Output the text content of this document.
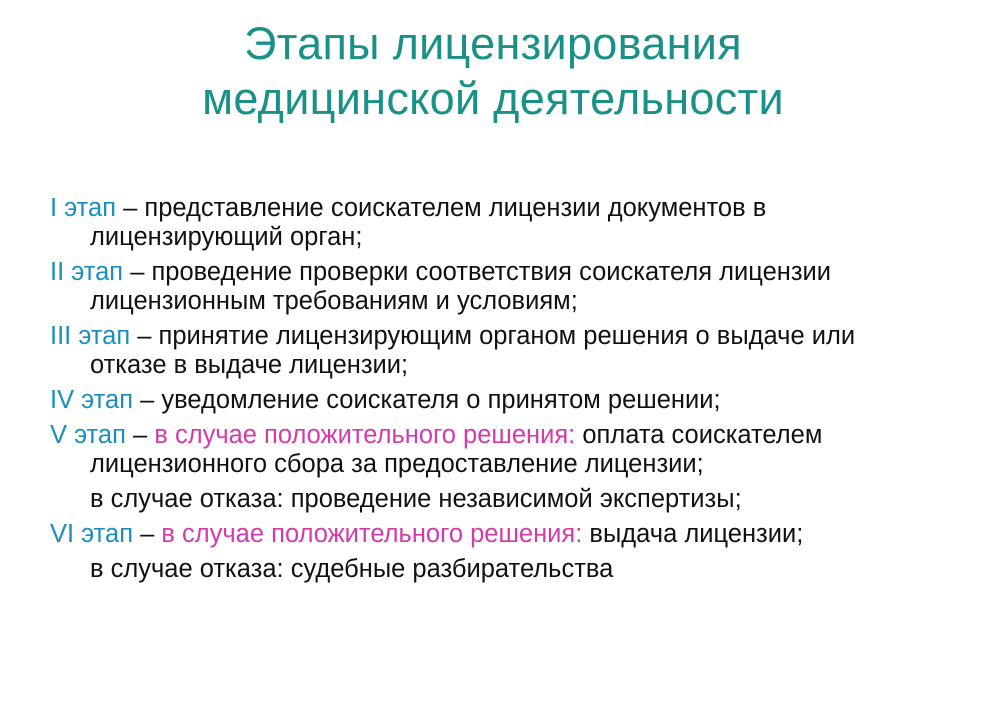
Этапы лицензирования
медицинской деятельности
I этап – представление соискателем лицензии документов в лицензирующий орган;
II этап – проведение проверки соответствия соискателя лицензии лицензионным требованиям и условиям;
III этап – принятие лицензирующим органом решения о выдаче или отказе в выдаче лицензии;
IV этап – уведомление соискателя о принятом решении;
V этап – в случае положительного решения: оплата соискателем лицензионного сбора за предоставление лицензии;
в случае отказа: проведение независимой экспертизы;
VI этап – в случае положительного решения: выдача лицензии;
в случае отказа: судебные разбирательства
